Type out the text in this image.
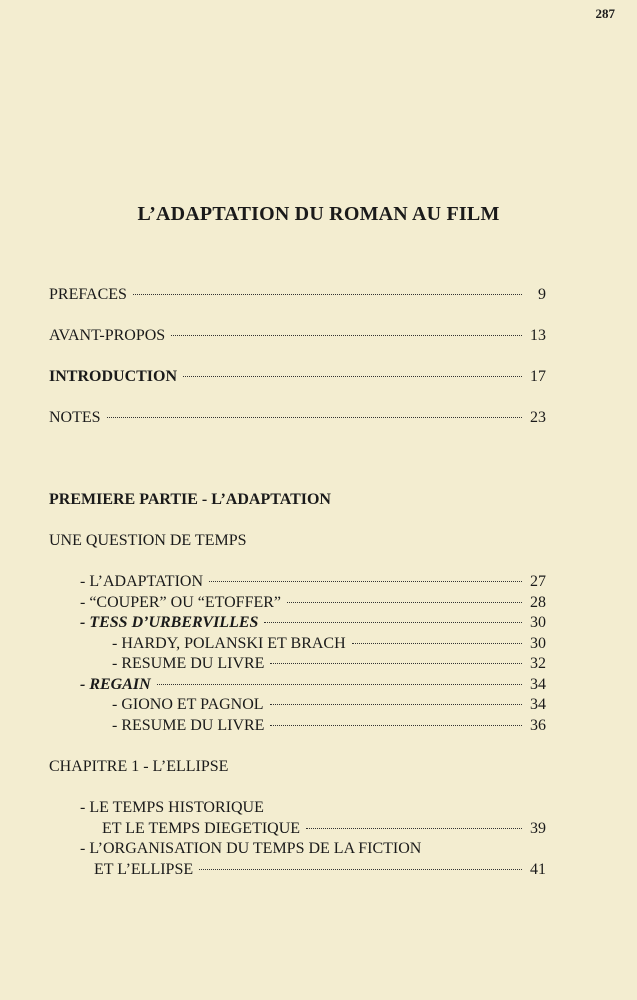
287
L’ADAPTATION DU ROMAN AU FILM
PREFACES	9
AVANT-PROPOS	13
INTRODUCTION	17
NOTES	23
PREMIERE PARTIE - L’ADAPTATION
UNE QUESTION DE TEMPS
- L’ADAPTATION	27
- “COUPER” OU “ETOFFER”	28
- TESS D’URBERVILLES	30
- HARDY, POLANSKI ET BRACH	30
- RESUME DU LIVRE	32
- REGAIN	34
- GIONO ET PAGNOL	34
- RESUME DU LIVRE	36
CHAPITRE 1 - L’ELLIPSE
- LE TEMPS HISTORIQUE
ET LE TEMPS DIEGETIQUE	39
- L’ORGANISATION DU TEMPS DE LA FICTION
ET L’ELLIPSE	41
